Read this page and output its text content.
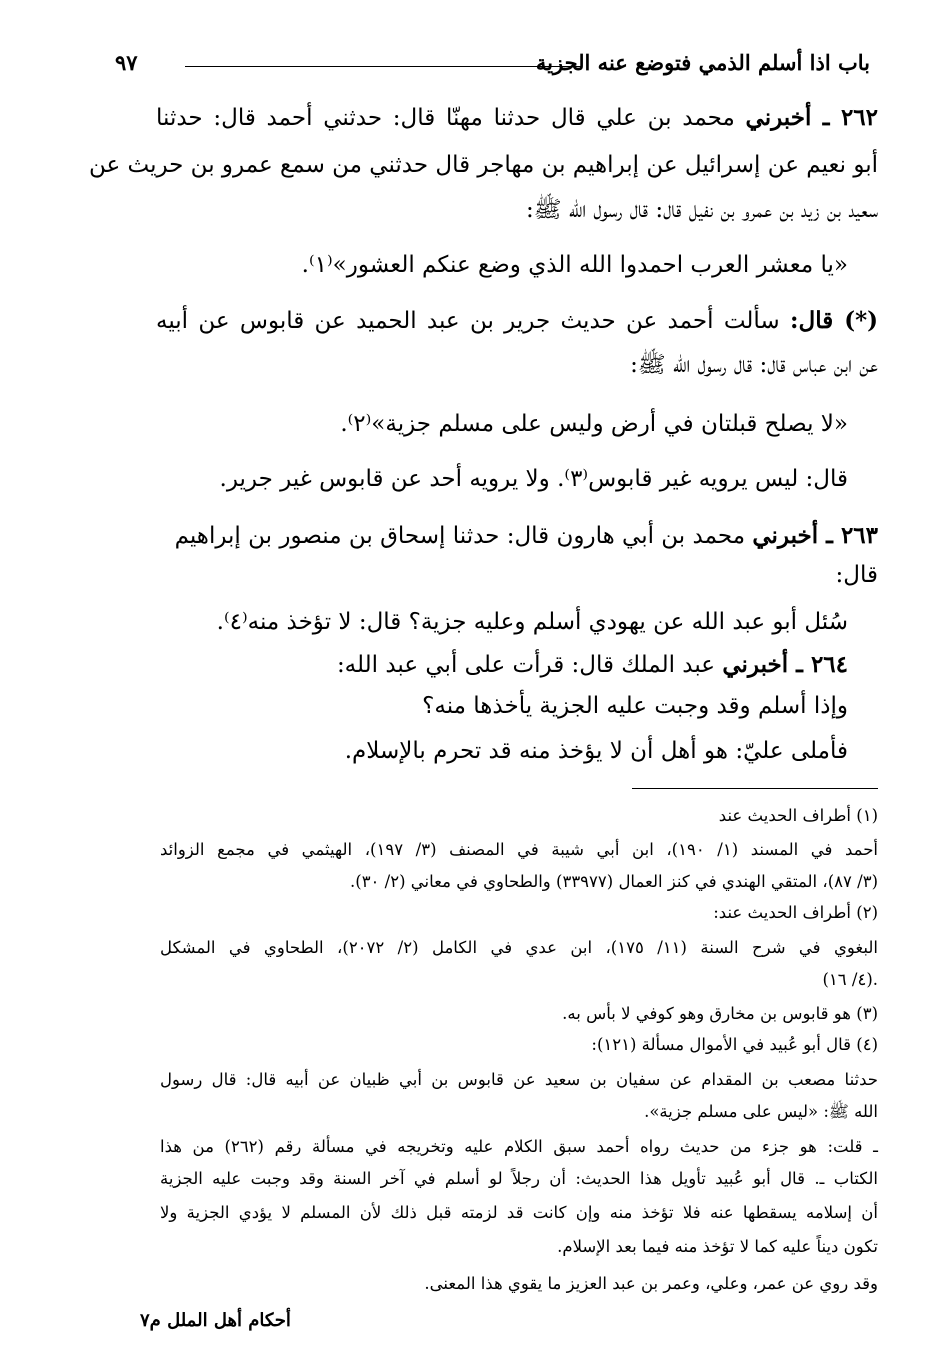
باب اذا أسلم الذمي فتوضع عنه الجزية
٩٧
٢٦٢ ـ أخبرني محمد بن علي قال حدثنا مهنّا قال: حدثني أحمد قال: حدثنا
أبو نعيم عن إسرائيل عن إبراهيم بن مهاجر قال حدثني من سمع عمرو بن حريث عن
سعيد بن زيد بن عمرو بن نفيل قال: قال رسول الله ﷺ:
«يا معشر العرب احمدوا الله الذي وضع عنكم العشور»⁽١⁾.
(*) قال: سألت أحمد عن حديث جرير بن عبد الحميد عن قابوس عن أبيه
عن ابن عباس قال: قال رسول الله ﷺ:
«لا يصلح قبلتان في أرض وليس على مسلم جزية»⁽٢⁾.
قال: ليس يرويه غير قابوس⁽٣⁾. ولا يرويه أحد عن قابوس غير جرير.
٢٦٣ ـ أخبرني محمد بن أبي هارون قال: حدثنا إسحاق بن منصور بن إبراهيم
قال:
سُئل أبو عبد الله عن يهودي أسلم وعليه جزية؟ قال: لا تؤخذ منه⁽٤⁾.
٢٦٤ ـ أخبرني عبد الملك قال: قرأت على أبي عبد الله:
وإذا أسلم وقد وجبت عليه الجزية يأخذها منه؟
فأملى عليّ: هو أهل أن لا يؤخذ منه قد تحرم بالإسلام.
(١) أطراف الحديث عند
أحمد في المسند (١/ ١٩٠)، ابن أبي شيبة في المصنف (٣/ ١٩٧)، الهيثمي في مجمع الزوائد
(٣/ ٨٧)، المتقي الهندي في كنز العمال (٣٣٩٧٧) والطحاوي في معاني (٢/ ٣٠).
(٢) أطراف الحديث عند:
البغوي في شرح السنة (١١/ ١٧٥)، ابن عدي في الكامل (٢/ ٢٠٧٢)، الطحاوي في المشكل
(٤/ ١٦).
(٣) هو قابوس بن مخارق وهو كوفي لا بأس به.
(٤) قال أبو عُبيد في الأموال مسألة (١٢١):
حدثنا مصعب بن المقدام عن سفيان بن سعيد عن قابوس بن أبي ظبيان عن أبيه قال: قال رسول
الله ﷺ: «ليس على مسلم جزية».
ـ قلت: هو جزء من حديث رواه أحمد سبق الكلام عليه وتخريجه في مسألة رقم (٢٦٢) من هذا
الكتاب ـ. قال أبو عُبيد تأويل هذا الحديث: أن رجلاً لو أسلم في آخر السنة وقد وجبت عليه الجزية
أن إسلامه يسقطها عنه فلا تؤخذ منه وإن كانت قد لزمته قبل ذلك لأن المسلم لا يؤدي الجزية ولا
تكون ديناً عليه كما لا تؤخذ منه فيما بعد الإسلام.
وقد روي عن عمر، وعلي، وعمر بن عبد العزيز ما يقوي هذا المعنى.
أحكام أهل الملل م٧
